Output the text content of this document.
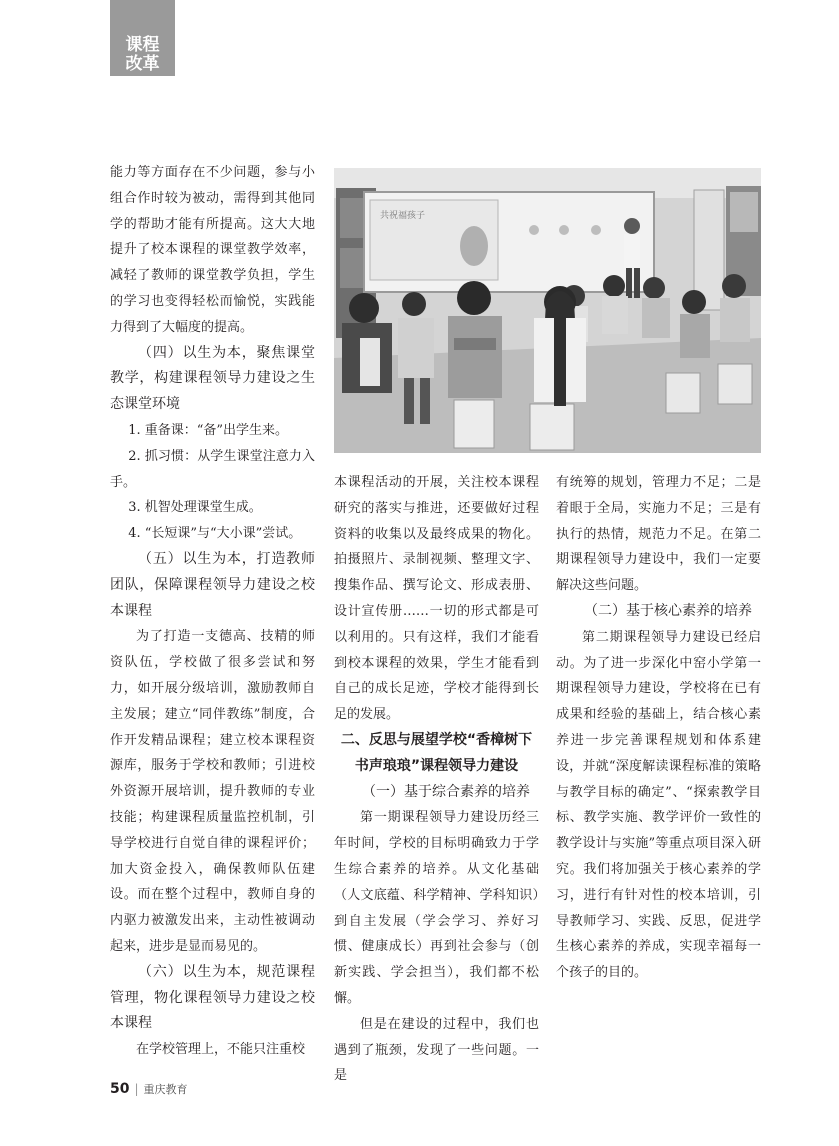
课程
改革

能力等方面存在不少问题，参与小组合作时较为被动，需得到其他同学的帮助才能有所提高。这大大地提升了校本课程的课堂教学效率，减轻了教师的课堂教学负担，学生的学习也变得轻松而愉悦，实践能力得到了大幅度的提高。

（四）以生为本，聚焦课堂教学，构建课程领导力建设之生态课堂环境

1. 重备课：“备”出学生来。

2. 抓习惯：从学生课堂注意力入手。

3. 机智处理课堂生成。

4. “长短课”与“大小课”尝试。

（五）以生为本，打造教师团队，保障课程领导力建设之校本课程

为了打造一支德高、技精的师资队伍，学校做了很多尝试和努力，如开展分级培训，激励教师自主发展；建立“同伴教练”制度，合作开发精品课程；建立校本课程资源库，服务于学校和教师；引进校外资源开展培训，提升教师的专业技能；构建课程质量监控机制，引导学校进行自觉自律的课程评价；加大资金投入，确保教师队伍建设。而在整个过程中，教师自身的内驱力被激发出来，主动性被调动起来，进步是显而易见的。

（六）以生为本，规范课程管理，物化课程领导力建设之校本课程

在学校管理上，不能只注重校

本课程活动的开展，关注校本课程研究的落实与推进，还要做好过程资料的收集以及最终成果的物化。拍摄照片、录制视频、整理文字、搜集作品、撰写论文、形成表册、设计宣传册……一切的形式都是可以利用的。只有这样，我们才能看到校本课程的效果，学生才能看到自己的成长足迹，学校才能得到长足的发展。

二、反思与展望学校“香樟树下 书声琅琅”课程领导力建设

（一）基于综合素养的培养

第一期课程领导力建设历经三年时间，学校的目标明确致力于学生综合素养的培养。从文化基础（人文底蕴、科学精神、学科知识）到自主发展（学会学习、养好习惯、健康成长）再到社会参与（创新实践、学会担当），我们都不松懈。

但是在建设的过程中，我们也遇到了瓶颈，发现了一些问题。一是

有统筹的规划，管理力不足；二是着眼于全局，实施力不足；三是有执行的热情，规范力不足。在第二期课程领导力建设中，我们一定要解决这些问题。

（二）基于核心素养的培养

第二期课程领导力建设已经启动。为了进一步深化中窑小学第一期课程领导力建设，学校将在已有成果和经验的基础上，结合核心素养进一步完善课程规划和体系建设，并就“深度解读课程标准的策略与教学目标的确定”、“探索教学目标、教学实施、教学评价一致性的教学设计与实施”等重点项目深入研究。我们将加强关于核心素养的学习，进行有针对性的校本培训，引导教师学习、实践、反思，促进学生核心素养的养成，实现幸福每一个孩子的目的。

共祝福孩子
50 | 重庆教育
